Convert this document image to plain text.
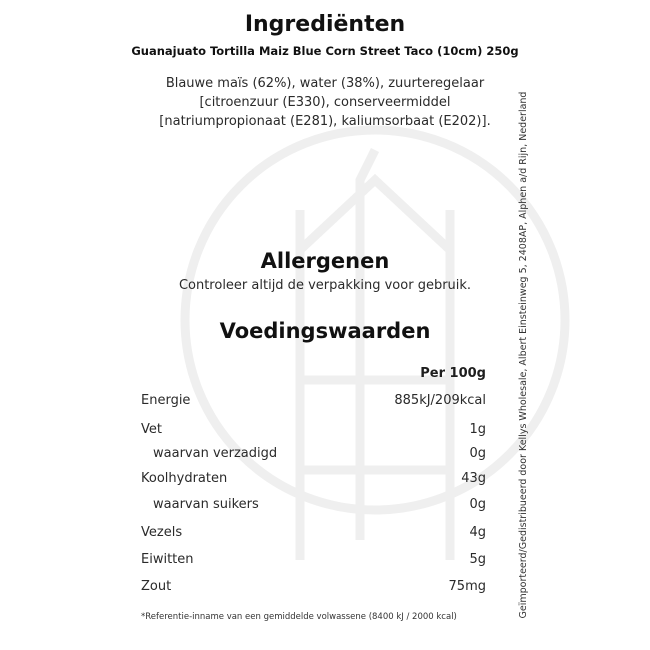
Ingrediënten
Guanajuato Tortilla Maiz Blue Corn Street Taco (10cm) 250g
Blauwe maïs (62%), water (38%), zuurteregelaar [citroenzuur (E330), conserveermiddel [natriumpropionaat (E281), kaliumsorbaat (E202)].
Allergenen
Controleer altijd de verpakking voor gebruik.
Voedingswaarden
Per 100g
Energie	885kJ/209kcal
Vet	1g
waarvan verzadigd	0g
Koolhydraten	43g
waarvan suikers	0g
Vezels	4g
Eiwitten	5g
Zout	75mg
*Referentie-inname van een gemiddelde volwassene (8400 kJ / 2000 kcal)	Geïmporteerd/Gedistribueerd door Kellys Wholesale, Albert Einsteinweg 5, 2408AP, Alphen a/d Rijn, Nederland
